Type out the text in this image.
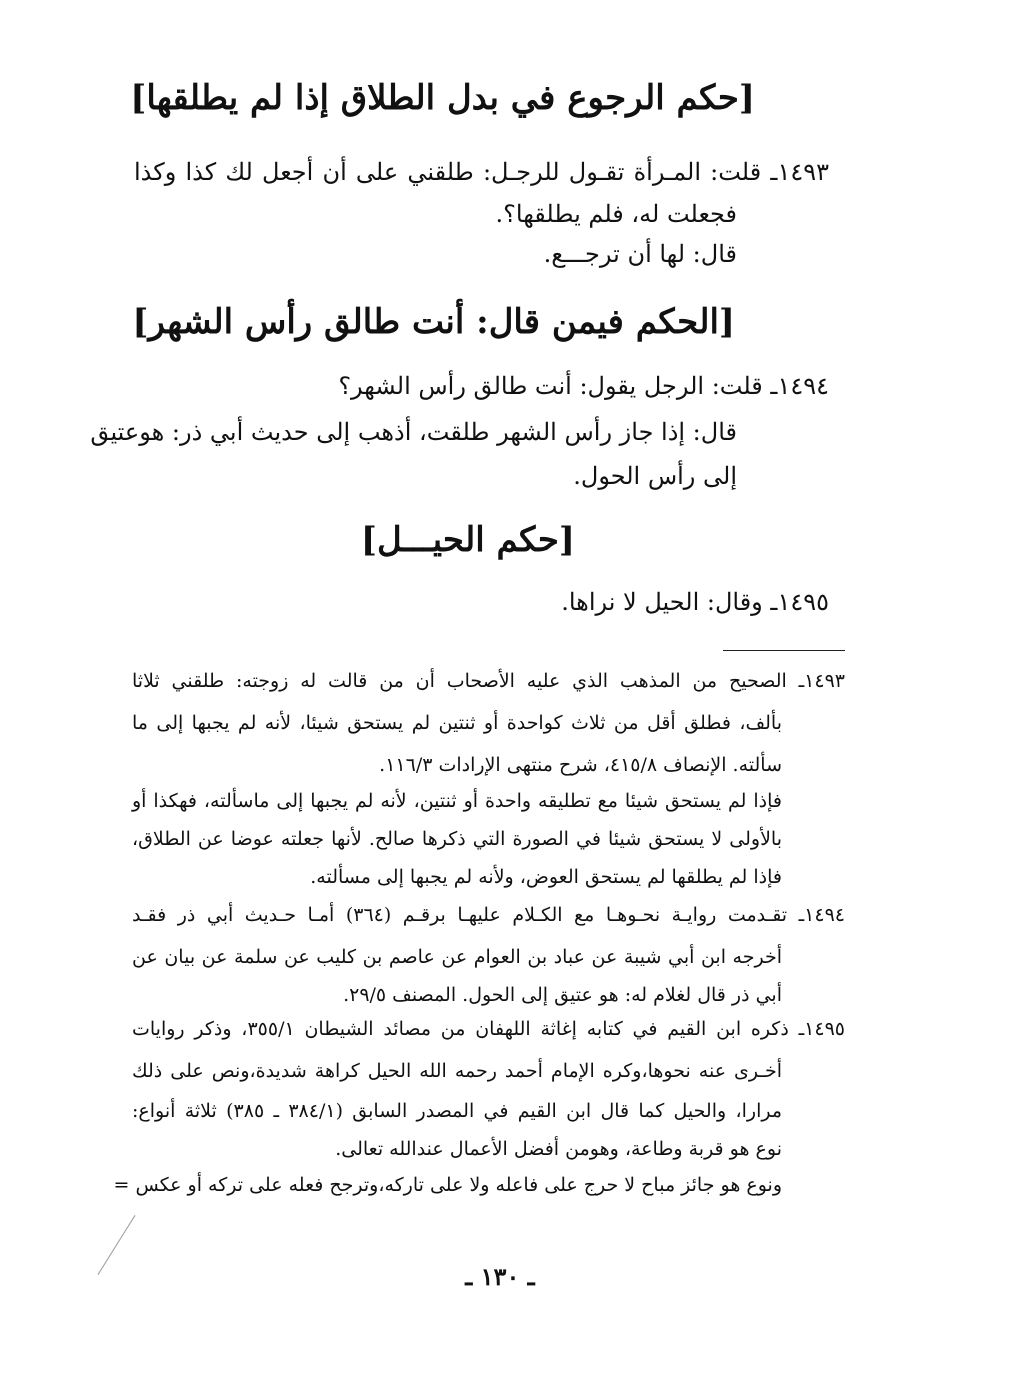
[حكم الرجوع في بدل الطلاق إذا لم يطلقها]
١٤٩٣ـ قلت: المـرأة تقـول للرجـل: طلقني على أن أجعل لك كذا وكذا
فجعلت له، فلم يطلقها؟.
قال: لها أن ترجـــع.
[الحكم فيمن قال: أنت طالق رأس الشهر]
١٤٩٤ـ قلت: الرجل يقول: أنت طالق رأس الشهر؟
قال: إذا جاز رأس الشهر طلقت، أذهب إلى حديث أبي ذر: هوعتيق
إلى رأس الحول.
[حكم الحيـــل]
١٤٩٥ـ وقال: الحيل لا نراها.
١٤٩٣ـ الصحيح من المذهب الذي عليه الأصحاب أن من قالت له زوجته: طلقني ثلاثا
بألف، فطلق أقل من ثلاث كواحدة أو ثنتين لم يستحق شيئا، لأنه لم يجبها إلى ما
سألته. الإنصاف ٤١٥/٨، شرح منتهى الإرادات ١١٦/٣.
فإذا لم يستحق شيئا مع تطليقه واحدة أو ثنتين، لأنه لم يجبها إلى ماسألته، فهكذا أو
بالأولى لا يستحق شيئا في الصورة التي ذكرها صالح. لأنها جعلته عوضا عن الطلاق،
فإذا لم يطلقها لم يستحق العوض، ولأنه لم يجبها إلى مسألته.
١٤٩٤ـ تقـدمت روايـة نحـوهـا مع الكـلام عليهـا برقـم (٣٦٤) أمـا حـديث أبي ذر فقـد
أخرجه ابن أبي شيبة عن عباد بن العوام عن عاصم بن كليب عن سلمة عن بيان عن
أبي ذر قال لغلام له: هو عتيق إلى الحول. المصنف ٢٩/٥.
١٤٩٥ـ ذكره ابن القيم في كتابه إغاثة اللهفان من مصائد الشيطان ٣٥٥/١، وذكر روايات
أخـرى عنه نحوها،وكره الإمام أحمد رحمه الله الحيل كراهة شديدة،ونص على ذلك
مرارا، والحيل كما قال ابن القيم في المصدر السابق (٣٨٤/١ ـ ٣٨٥) ثلاثة أنواع:
نوع هو قربة وطاعة، وهومن أفضل الأعمال عندالله تعالى.
ونوع هو جائز مباح لا حرج على فاعله ولا على تاركه،وترجح فعله على تركه أو عكس =
ـ ١٣٠ ـ
